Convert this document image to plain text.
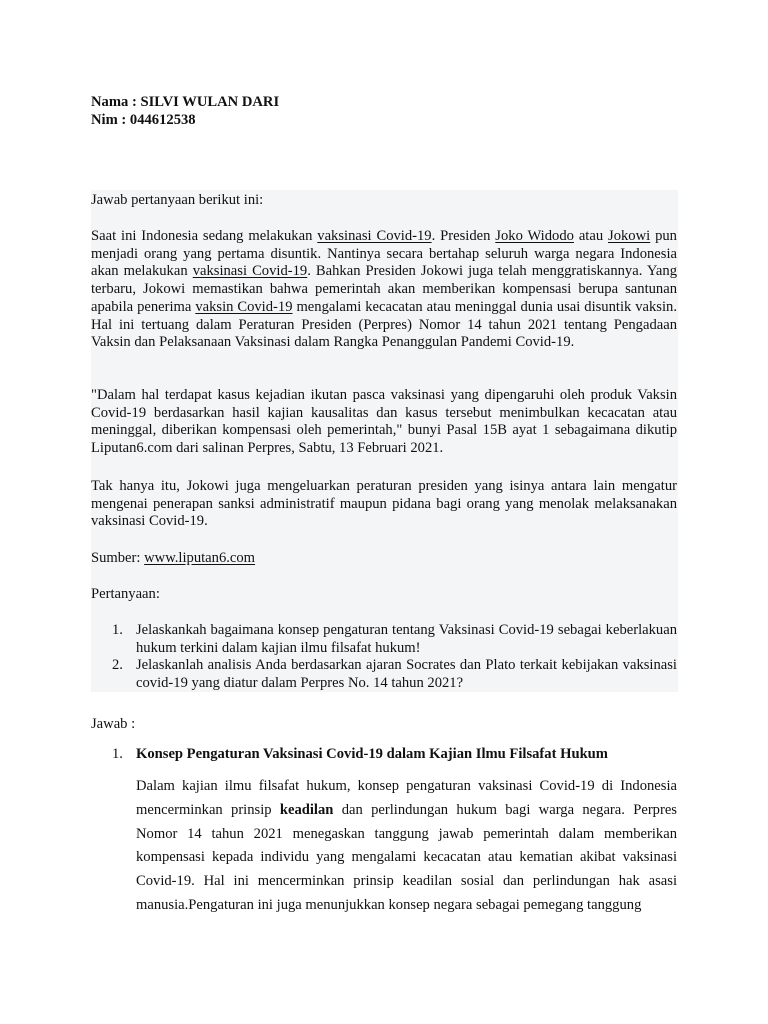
Nama : SILVI WULAN DARI
Nim : 044612538
Jawab pertanyaan berikut ini:
Saat ini Indonesia sedang melakukan vaksinasi Covid-19. Presiden Joko Widodo atau Jokowi pun menjadi orang yang pertama disuntik. Nantinya secara bertahap seluruh warga negara Indonesia akan melakukan vaksinasi Covid-19. Bahkan Presiden Jokowi juga telah menggratiskannya. Yang terbaru, Jokowi memastikan bahwa pemerintah akan memberikan kompensasi berupa santunan apabila penerima vaksin Covid-19 mengalami kecacatan atau meninggal dunia usai disuntik vaksin. Hal ini tertuang dalam Peraturan Presiden (Perpres) Nomor 14 tahun 2021 tentang Pengadaan Vaksin dan Pelaksanaan Vaksinasi dalam Rangka Penanggulan Pandemi Covid-19.
"Dalam hal terdapat kasus kejadian ikutan pasca vaksinasi yang dipengaruhi oleh produk Vaksin Covid-19 berdasarkan hasil kajian kausalitas dan kasus tersebut menimbulkan kecacatan atau meninggal, diberikan kompensasi oleh pemerintah," bunyi Pasal 15B ayat 1 sebagaimana dikutip Liputan6.com dari salinan Perpres, Sabtu, 13 Februari 2021.
Tak hanya itu, Jokowi juga mengeluarkan peraturan presiden yang isinya antara lain mengatur mengenai penerapan sanksi administratif maupun pidana bagi orang yang menolak melaksanakan vaksinasi Covid-19.
Sumber: www.liputan6.com
Pertanyaan:
1. Jelaskankah bagaimana konsep pengaturan tentang Vaksinasi Covid-19 sebagai keberlakuan hukum terkini dalam kajian ilmu filsafat hukum!
2. Jelaskanlah analisis Anda berdasarkan ajaran Socrates dan Plato terkait kebijakan vaksinasi covid-19 yang diatur dalam Perpres No. 14 tahun 2021?
Jawab :
1. Konsep Pengaturan Vaksinasi Covid-19 dalam Kajian Ilmu Filsafat Hukum

Dalam kajian ilmu filsafat hukum, konsep pengaturan vaksinasi Covid-19 di Indonesia mencerminkan prinsip keadilan dan perlindungan hukum bagi warga negara. Perpres Nomor 14 tahun 2021 menegaskan tanggung jawab pemerintah dalam memberikan kompensasi kepada individu yang mengalami kecacatan atau kematian akibat vaksinasi Covid-19. Hal ini mencerminkan prinsip keadilan sosial dan perlindungan hak asasi manusia.Pengaturan ini juga menunjukkan konsep negara sebagai pemegang tanggung
